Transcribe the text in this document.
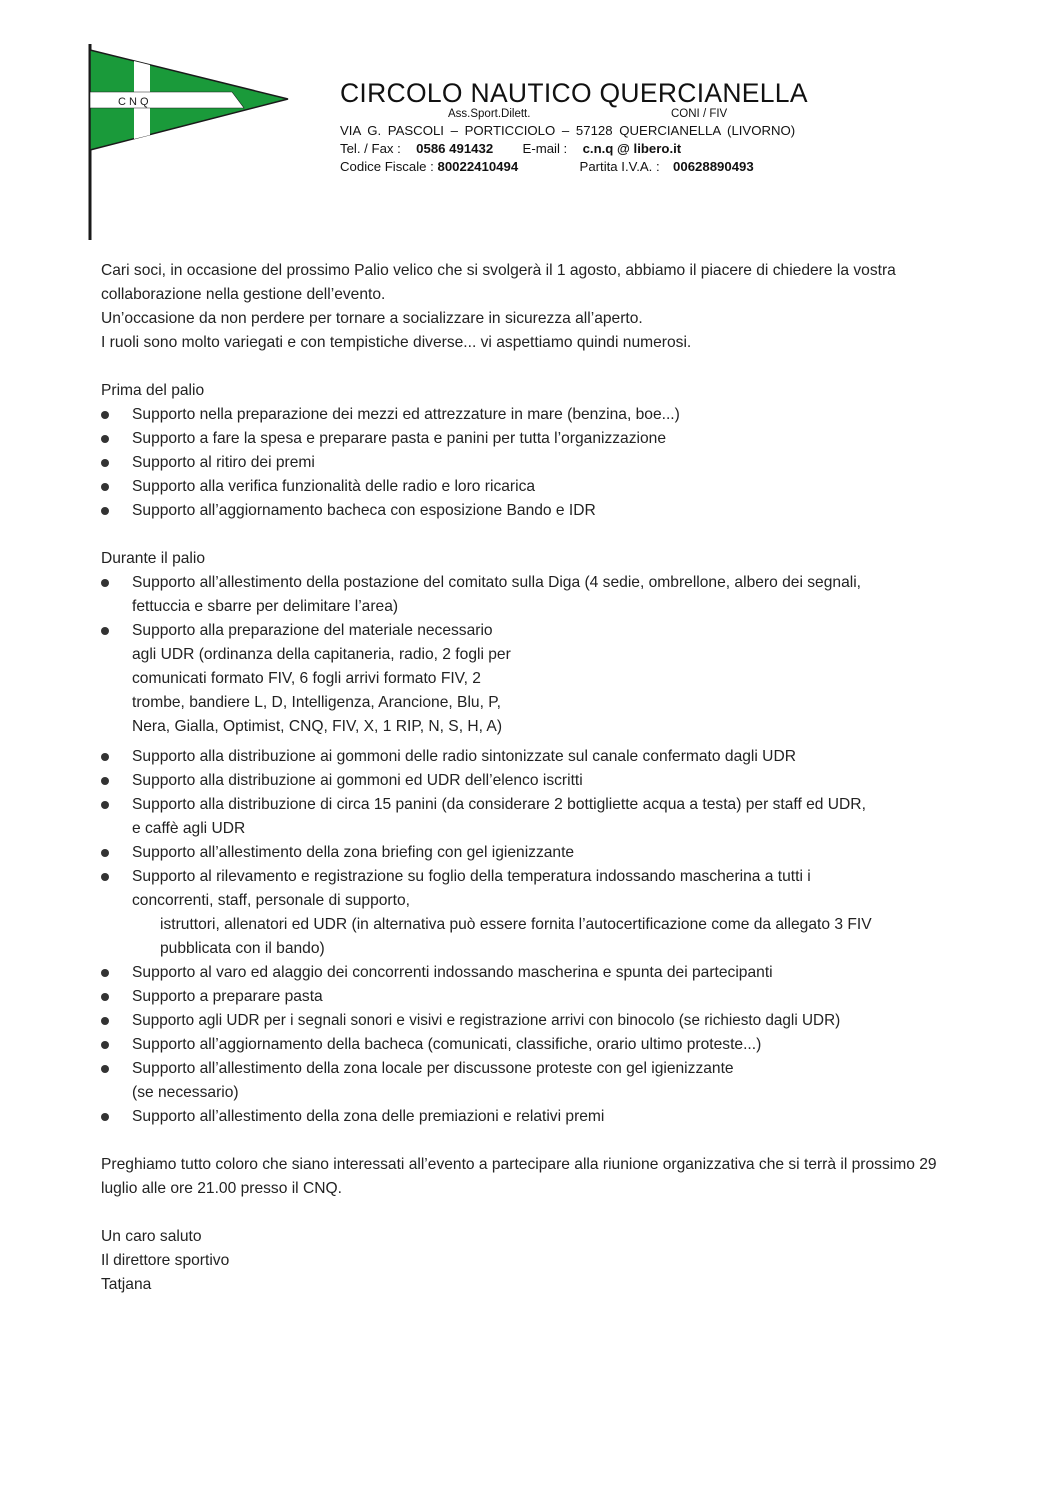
C N Q	CIRCOLO NAUTICO QUERCIANELLA
Ass.Sport.Dilett.	CONI / FIV
VIA G. PASCOLI – PORTICCIOLO – 57128 QUERCIANELLA (LIVORNO)
Tel. / Fax : 0586 491432 E-mail : c.n.q @ libero.it
Codice Fiscale : 80022410494	Partita I.V.A. : 00628890493

Cari soci, in occasione del prossimo Palio velico che si svolgerà il 1 agosto, abbiamo il piacere di chiedere la vostra collaborazione nella gestione dell’evento.

Un’occasione da non perdere per tornare a socializzare in sicurezza all’aperto.

I ruoli sono molto variegati e con tempistiche diverse... vi aspettiamo quindi numerosi.

Prima del palio

Supporto nella preparazione dei mezzi ed attrezzature in mare (benzina, boe...)
Supporto a fare la spesa e preparare pasta e panini per tutta l’organizzazione
Supporto al ritiro dei premi
Supporto alla verifica funzionalità delle radio e loro ricarica
Supporto all’aggiornamento bacheca con esposizione Bando e IDR

Durante il palio

Supporto all’allestimento della postazione del comitato sulla Diga (4 sedie, ombrellone, albero dei segnali, fettuccia e sbarre per delimitare l’area)
Supporto alla preparazione del materiale necessario agli UDR (ordinanza della capitaneria, radio, 2 fogli per comunicati formato FIV, 6 fogli arrivi formato FIV, 2 trombe, bandiere L, D, Intelligenza, Arancione, Blu, P, Nera, Gialla, Optimist, CNQ, FIV, X, 1 RIP, N, S, H, A)
Supporto alla distribuzione ai gommoni delle radio sintonizzate sul canale confermato dagli UDR
Supporto alla distribuzione ai gommoni ed UDR dell’elenco iscritti
Supporto alla distribuzione di circa 15 panini (da considerare 2 bottigliette acqua a testa) per staff ed UDR, e caffè agli UDR
Supporto all’allestimento della zona briefing con gel igienizzante
Supporto al rilevamento e registrazione su foglio della temperatura indossando mascherina a tutti i concorrenti, staff, personale di supporto,
istruttori, allenatori ed UDR (in alternativa può essere fornita l’autocertificazione come da allegato 3 FIV pubblicata con il bando)
Supporto al varo ed alaggio dei concorrenti indossando mascherina e spunta dei partecipanti
Supporto a preparare pasta
Supporto agli UDR per i segnali sonori e visivi e registrazione arrivi con binocolo (se richiesto dagli UDR)
Supporto all’aggiornamento della bacheca (comunicati, classifiche, orario ultimo proteste...)
Supporto all’allestimento della zona locale per discussone proteste con gel igienizzante
(se necessario)
Supporto all’allestimento della zona delle premiazioni e relativi premi

Preghiamo tutto coloro che siano interessati all’evento a partecipare alla riunione organizzativa che si terrà il prossimo 29 luglio alle ore 21.00 presso il CNQ.

Un caro saluto

Il direttore sportivo

Tatjana
